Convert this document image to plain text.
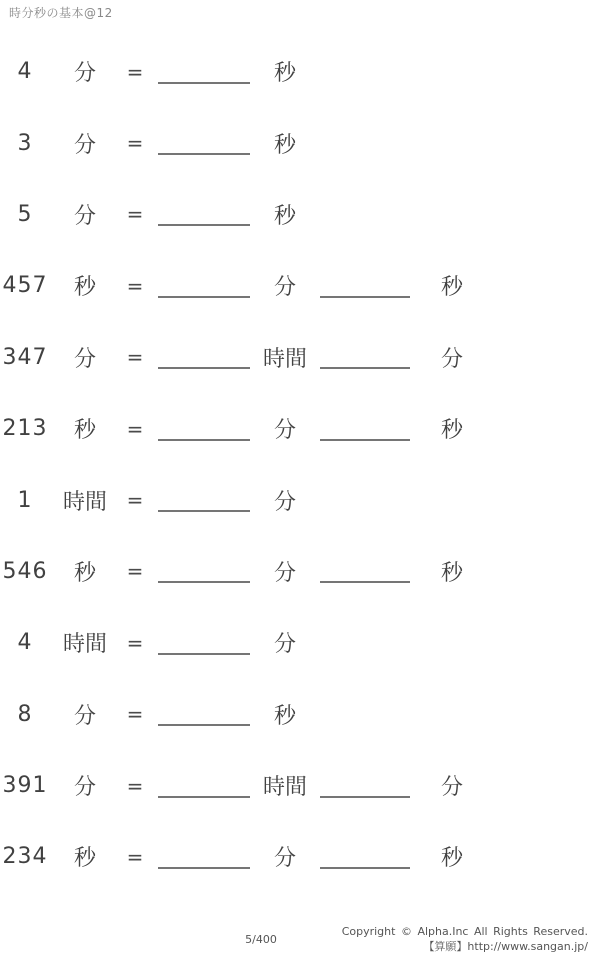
時分秒の基本@12
4	分	=	秒
3	分	=	秒
5	分	=	秒
457	秒	=	分	秒
347	分	=	時間	分
213	秒	=	分	秒
1	時間 =	分
546	秒	=	分	秒
4	時間 =	分
8	分	=	秒
391	分	=	時間	分
234	秒	=	分	秒
5/400
Copyright © Alpha.Inc All Rights Reserved.
【算願】http://www.sangan.jp/
